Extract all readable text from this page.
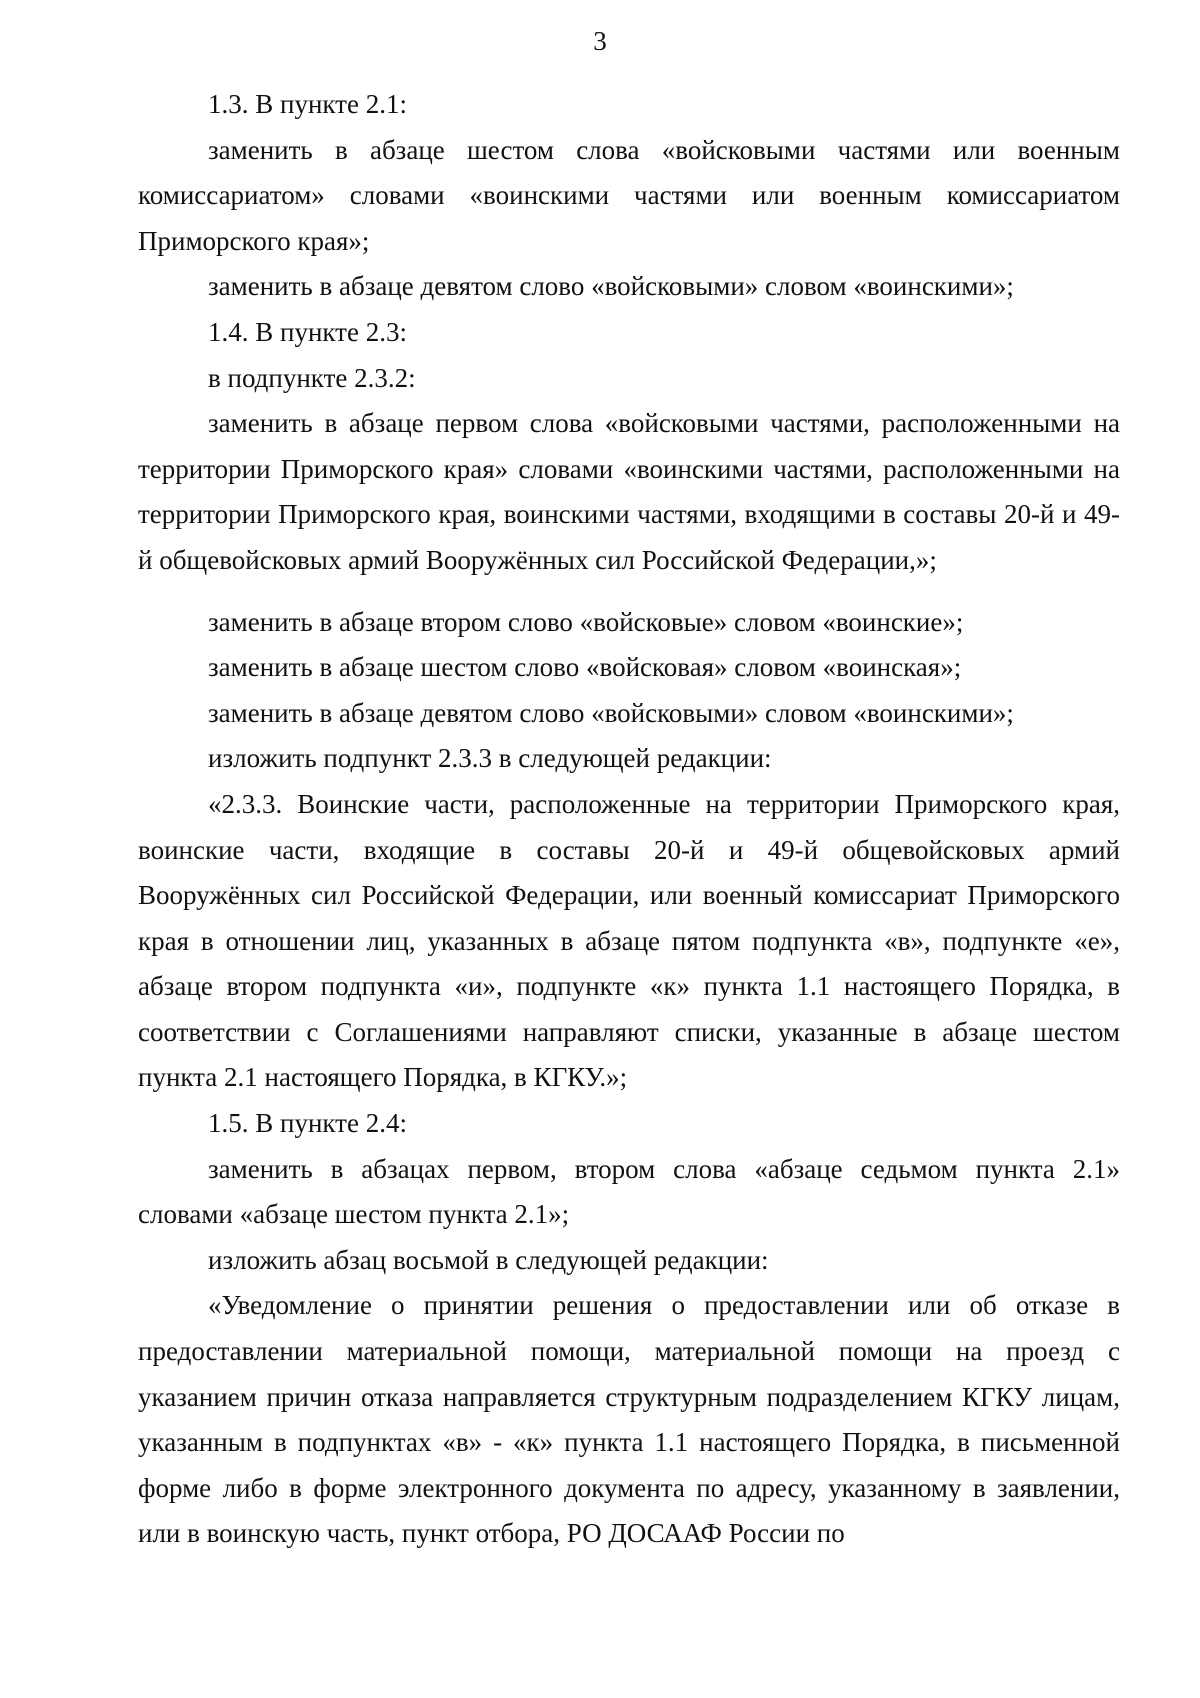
3

1.3. В пункте 2.1:

заменить в абзаце шестом слова «войсковыми частями или военным комиссариатом» словами «воинскими частями или военным комиссариатом Приморского края»;

заменить в абзаце девятом слово «войсковыми» словом «воинскими»;

1.4. В пункте 2.3:

в подпункте 2.3.2:

заменить в абзаце первом слова «войсковыми частями, расположенными на территории Приморского края» словами «воинскими частями, расположенными на территории Приморского края, воинскими частями, входящими в составы 20-й и 49-й общевойсковых армий Вооружённых сил Российской Федерации,»;

заменить в абзаце втором слово «войсковые» словом «воинские»;

заменить в абзаце шестом слово «войсковая» словом «воинская»;

заменить в абзаце девятом слово «войсковыми» словом «воинскими»;

изложить подпункт 2.3.3 в следующей редакции:

«2.3.3. Воинские части, расположенные на территории Приморского края, воинские части, входящие в составы 20-й и 49-й общевойсковых армий Вооружённых сил Российской Федерации, или военный комиссариат Приморского края в отношении лиц, указанных в абзаце пятом подпункта «в», подпункте «е», абзаце втором подпункта «и», подпункте «к» пункта 1.1 настоящего Порядка, в соответствии с Соглашениями направляют списки, указанные в абзаце шестом пункта 2.1 настоящего Порядка, в КГКУ.»;

1.5. В пункте 2.4:

заменить в абзацах первом, втором слова «абзаце седьмом пункта 2.1» словами «абзаце шестом пункта 2.1»;

изложить абзац восьмой в следующей редакции:

«Уведомление о принятии решения о предоставлении или об отказе в предоставлении материальной помощи, материальной помощи на проезд с указанием причин отказа направляется структурным подразделением КГКУ лицам, указанным в подпунктах «в» - «к» пункта 1.1 настоящего Порядка, в письменной форме либо в форме электронного документа по адресу, указанному в заявлении, или в воинскую часть, пункт отбора, РО ДОСААФ России по
